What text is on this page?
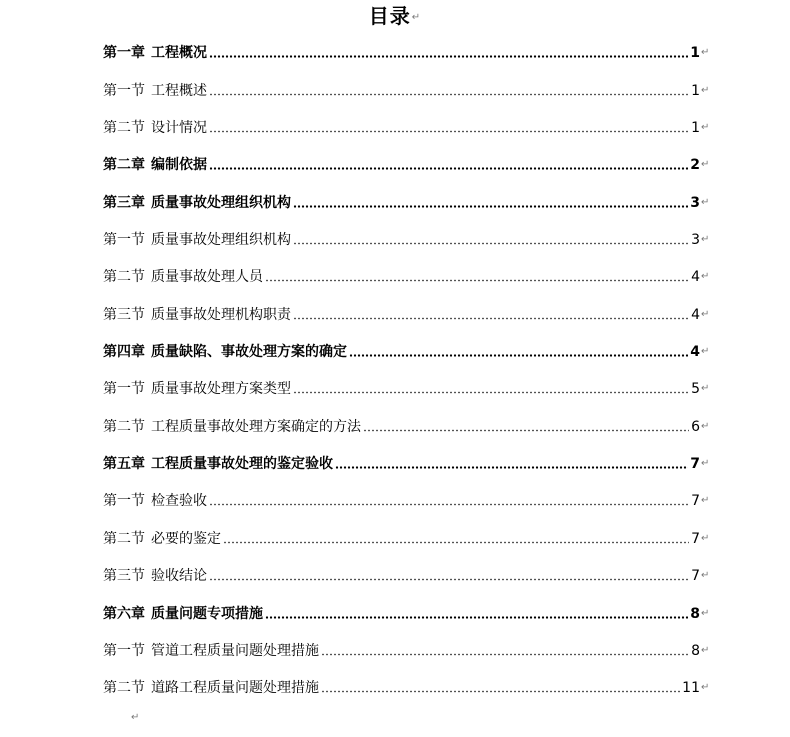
目录↵
第一章 工程概况	1 ↵
第一节 工程概述	1 ↵
第二节 设计情况	1 ↵
第二章 编制依据	2 ↵
第三章 质量事故处理组织机构	3 ↵
第一节 质量事故处理组织机构	3 ↵
第二节 质量事故处理人员	4 ↵
第三节 质量事故处理机构职责	4 ↵
第四章 质量缺陷、事故处理方案的确定	4 ↵
第一节 质量事故处理方案类型	5 ↵
第二节 工程质量事故处理方案确定的方法	6 ↵
第五章 工程质量事故处理的鉴定验收	7 ↵
第一节 检查验收	7 ↵
第二节 必要的鉴定	7 ↵
第三节 验收结论	7 ↵
第六章 质量问题专项措施	8 ↵
第一节 管道工程质量问题处理措施	8 ↵
第二节 道路工程质量问题处理措施	11 ↵
↵
